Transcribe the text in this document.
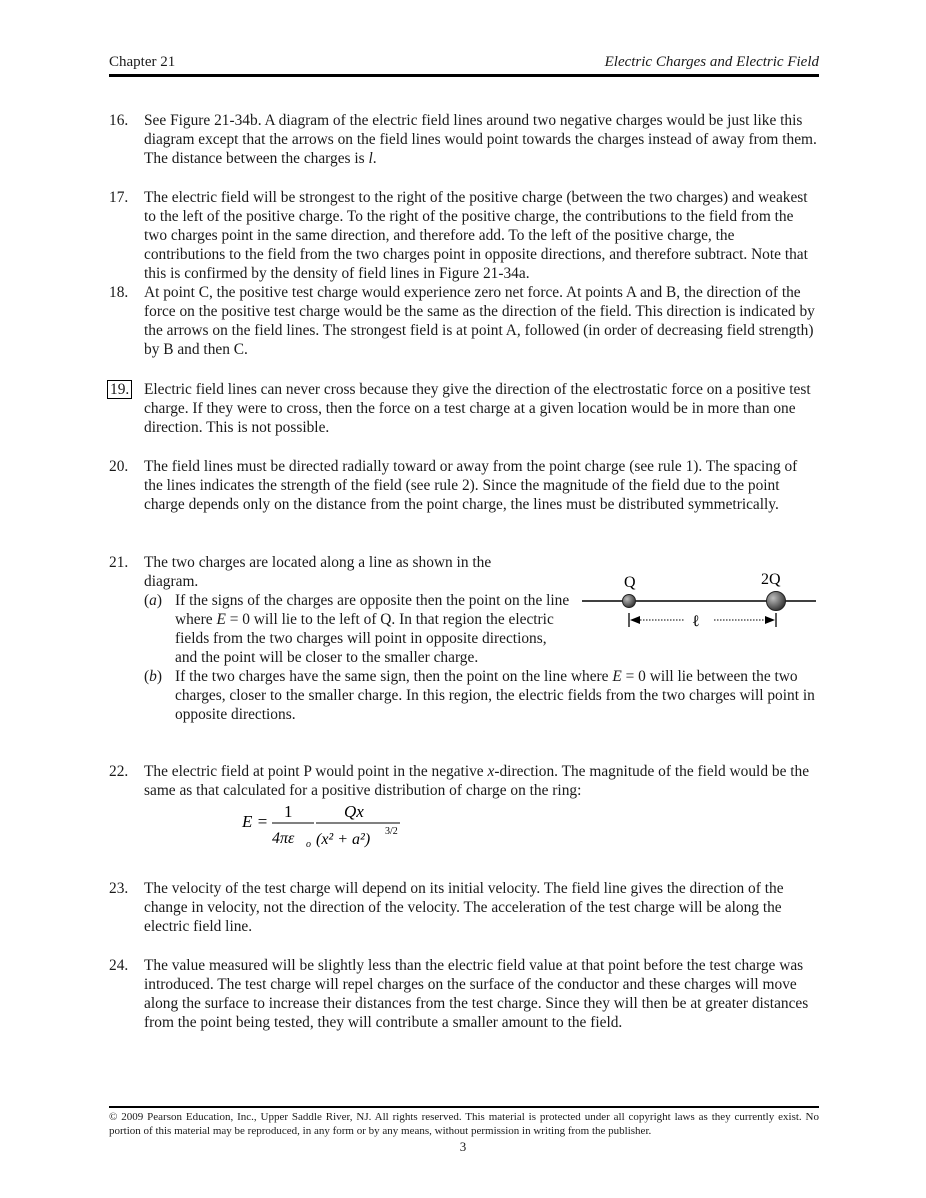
Chapter 21	Electric Charges and Electric Field
16.	See Figure 21-34b. A diagram of the electric field lines around two negative charges would be just like this diagram except that the arrows on the field lines would point towards the charges instead of away from them. The distance between the charges is l.
17.	The electric field will be strongest to the right of the positive charge (between the two charges) and weakest to the left of the positive charge. To the right of the positive charge, the contributions to the field from the two charges point in the same direction, and therefore add. To the left of the positive charge, the contributions to the field from the two charges point in opposite directions, and therefore subtract. Note that this is confirmed by the density of field lines in Figure 21-34a.
18.	At point C, the positive test charge would experience zero net force. At points A and B, the direction of the force on the positive test charge would be the same as the direction of the field. This direction is indicated by the arrows on the field lines. The strongest field is at point A, followed (in order of decreasing field strength) by B and then C.
19. Electric field lines can never cross because they give the direction of the electrostatic force on a positive test charge. If they were to cross, then the force on a test charge at a given location would be in more than one direction. This is not possible.
20.	The field lines must be directed radially toward or away from the point charge (see rule 1). The spacing of the lines indicates the strength of the field (see rule 2). Since the magnitude of the field due to the point charge depends only on the distance from the point charge, the lines must be distributed symmetrically.
21.	The two charges are located along a line as shown in the diagram.
(a) If the signs of the charges are opposite then the point on the line where E = 0 will lie to the left of Q. In that region the electric fields from the two charges will point in opposite directions, and the point will be closer to the smaller charge.
(b) If the two charges have the same sign, then the point on the line where E = 0 will lie between the two charges, closer to the smaller charge. In this region, the electric fields from the two charges will point in opposite directions.
Q	2Q
ℓ
22.	The electric field at point P would point in the negative x-direction. The magnitude of the field would be the same as that calculated for a positive distribution of charge on the ring:
E =
1
4πε o
Qx
(x² + a²) 3/2
23.	The velocity of the test charge will depend on its initial velocity. The field line gives the direction of the change in velocity, not the direction of the velocity. The acceleration of the test charge will be along the electric field line.
24.	The value measured will be slightly less than the electric field value at that point before the test charge was introduced. The test charge will repel charges on the surface of the conductor and these charges will move along the surface to increase their distances from the test charge. Since they will then be at greater distances from the point being tested, they will contribute a smaller amount to the field.
© 2009 Pearson Education, Inc., Upper Saddle River, NJ. All rights reserved. This material is protected under all copyright laws as they currently exist. No portion of this material may be reproduced, in any form or by any means, without permission in writing from the publisher.
3
